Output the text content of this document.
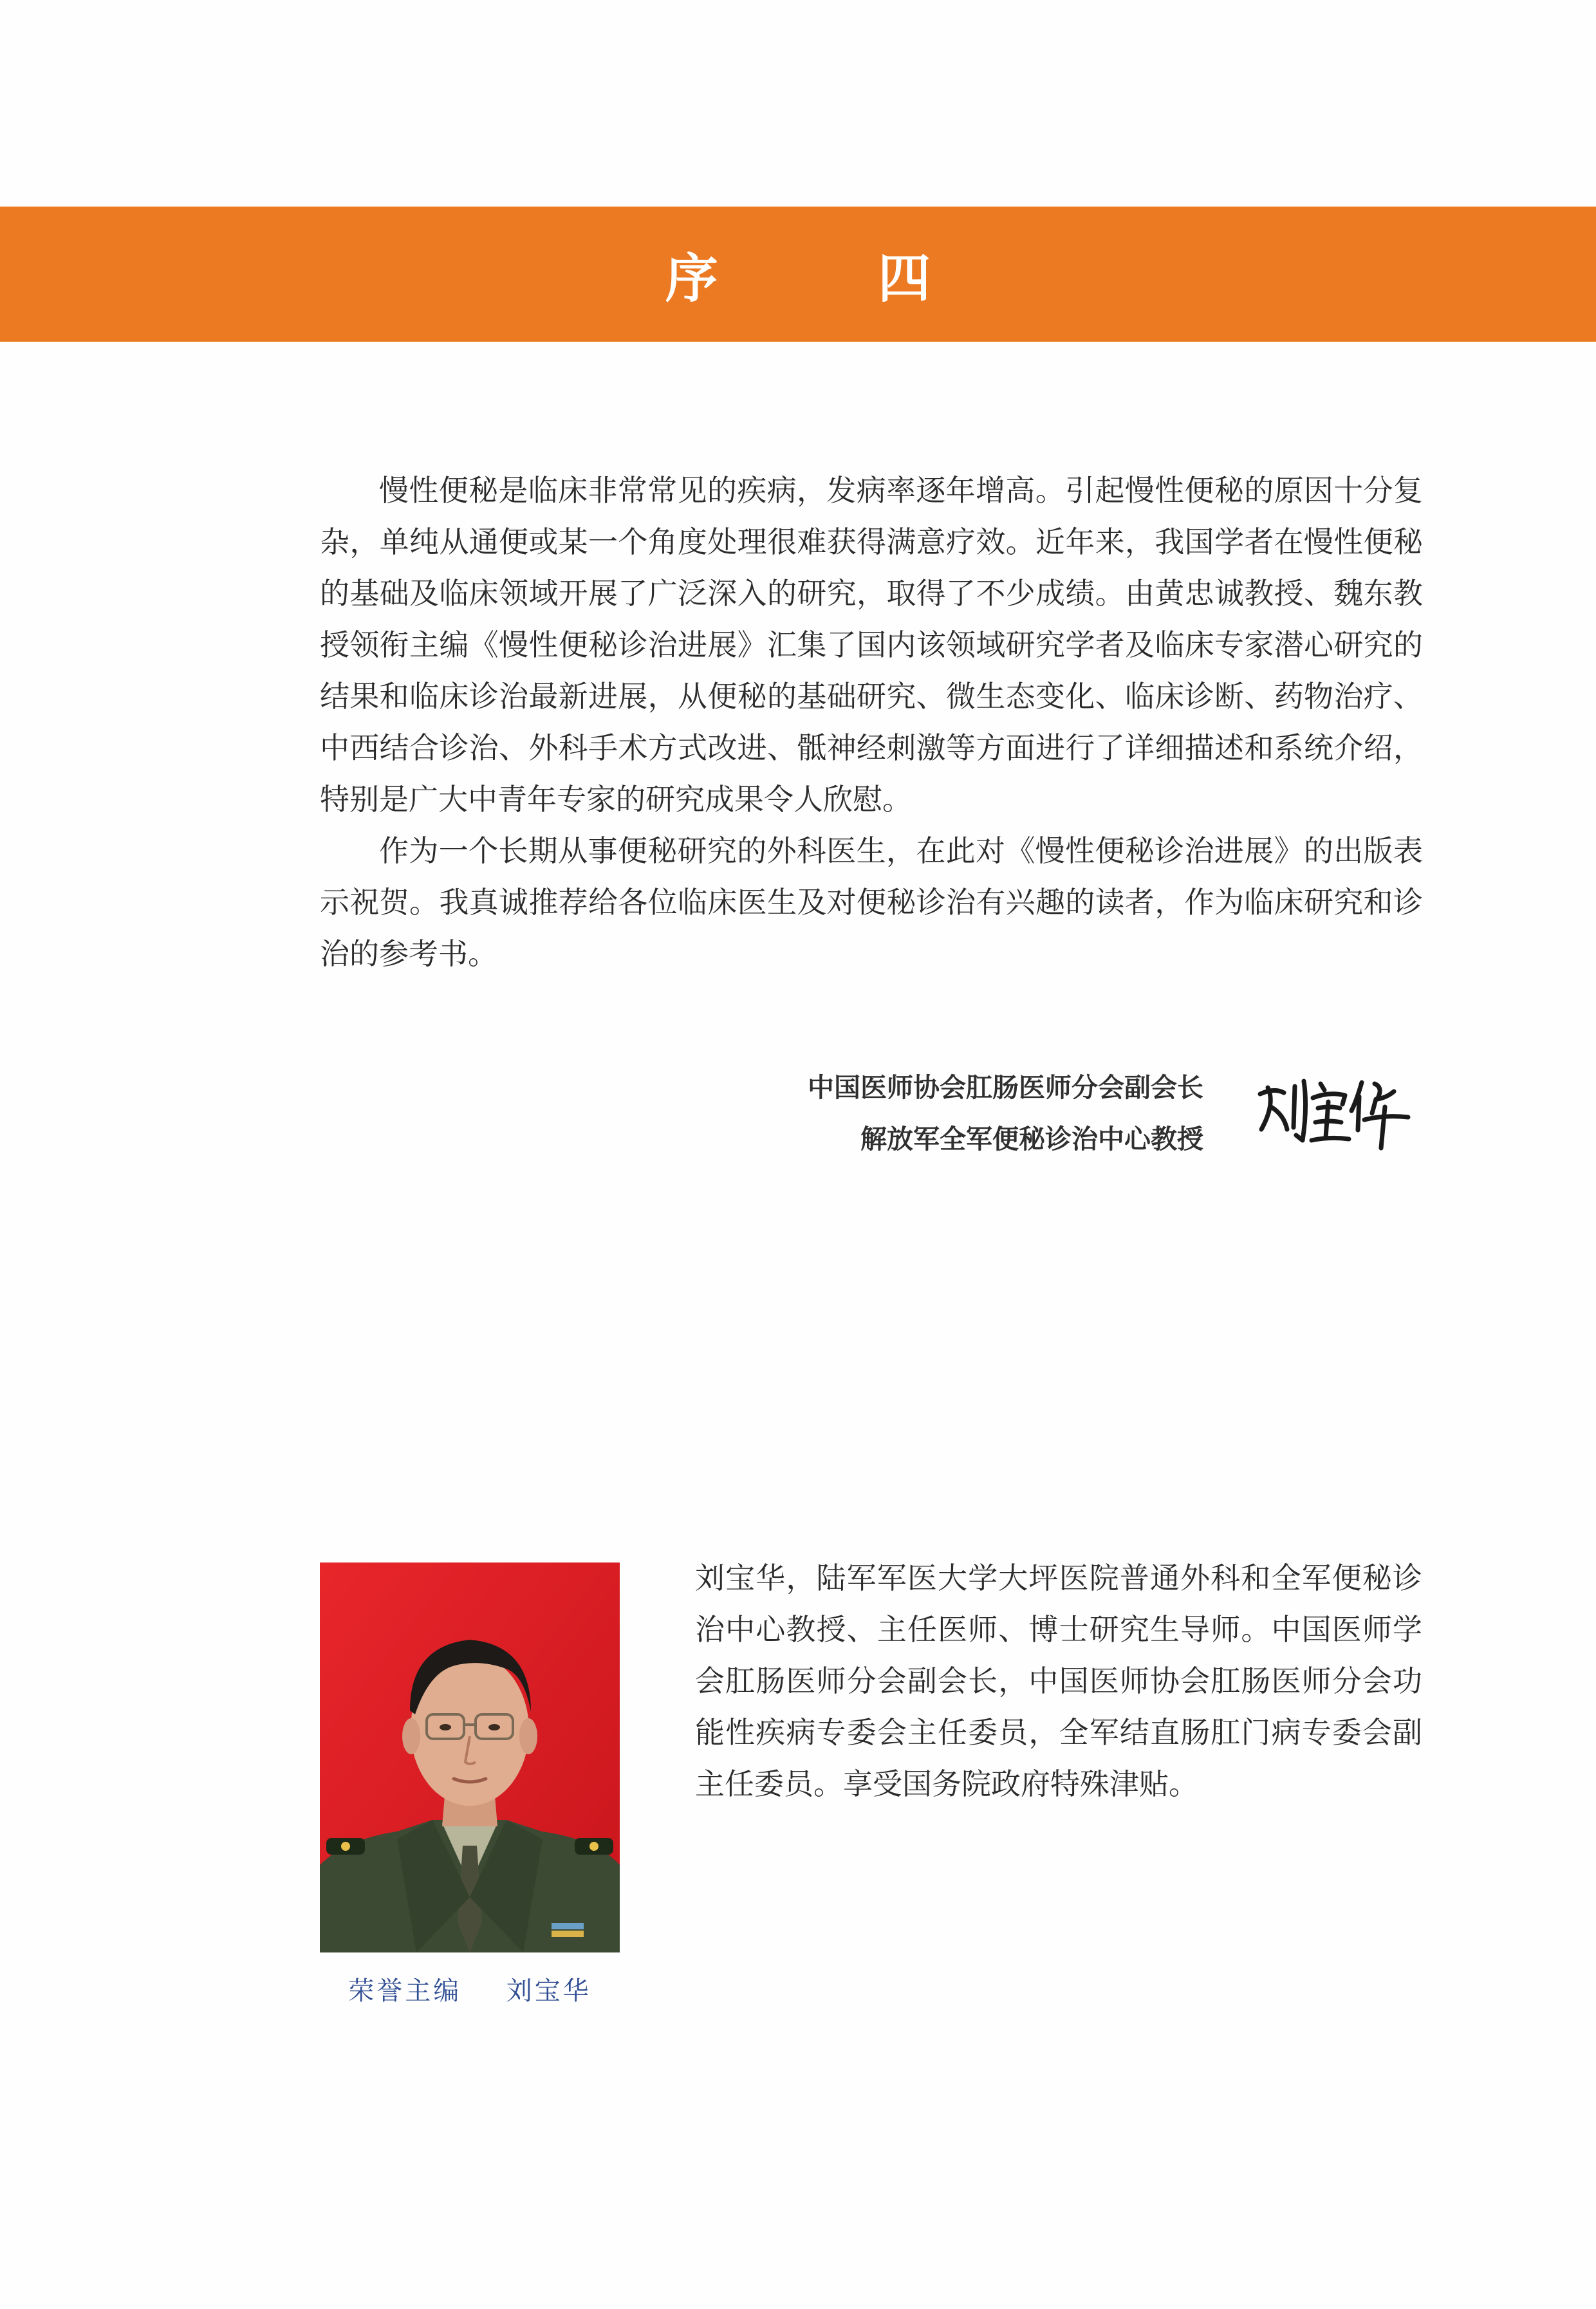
序 四

慢性便秘是临床非常常见的疾病，发病率逐年增高。引起慢性便秘的原因十分复杂，单纯从通便或某一个角度处理很难获得满意疗效。近年来，我国学者在慢性便秘的基础及临床领域开展了广泛深入的研究，取得了不少成绩。由黄忠诚教授、魏东教授领衔主编《慢性便秘诊治进展》汇集了国内该领域研究学者及临床专家潜心研究的结果和临床诊治最新进展，从便秘的基础研究、微生态变化、临床诊断、药物治疗、中西结合诊治、外科手术方式改进、骶神经刺激等方面进行了详细描述和系统介绍，特别是广大中青年专家的研究成果令人欣慰。

作为一个长期从事便秘研究的外科医生，在此对《慢性便秘诊治进展》的出版表示祝贺。我真诚推荐给各位临床医生及对便秘诊治有兴趣的读者，作为临床研究和诊治的参考书。

中国医师协会肛肠医师分会副会长
解放军全军便秘诊治中心教授
荣誉主编 刘宝华

刘宝华，陆军军医大学大坪医院普通外科和全军便秘诊治中心教授、主任医师、博士研究生导师。中国医师学会肛肠医师分会副会长，中国医师协会肛肠医师分会功能性疾病专委会主任委员，全军结直肠肛门病专委会副主任委员。享受国务院政府特殊津贴。
